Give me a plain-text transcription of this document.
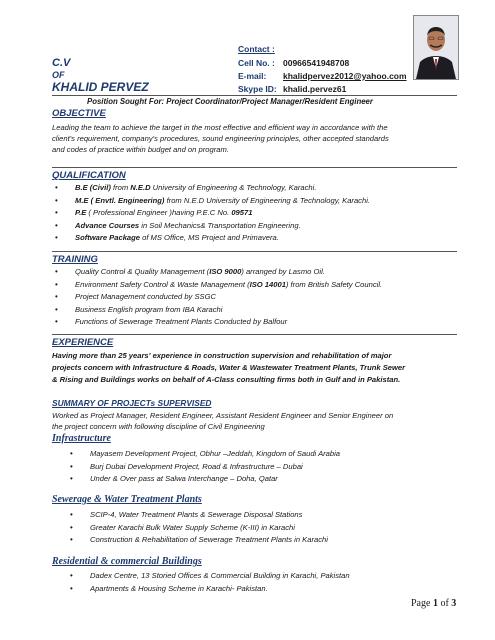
C.V
OF
KHALID PERVEZ
Contact :
Cell No. : 00966541948708
E-mail: khalidpervez2012@yahoo.com
Skype ID: khalid.pervez61
Position Sought For: Project Coordinator/Project Manager/Resident Engineer
OBJECTIVE
Leading the team to achieve the target in the most effective and efficient way in accordance with the
client's requirement, company's procedures, sound engineering principles, other accepted standards
and codes of practice within budget and on program.
QUALIFICATION
• B.E (Civil) from N.E.D University of Engineering & Technology, Karachi.
• M.E ( Envtl. Engineering) from N.E.D University of Engineering & Technology, Karachi.
• P.E ( Professional Engineer )having P.E.C No. 09571
• Advance Courses in Soil Mechanics& Transportation Engineering.
• Software Package of MS Office, MS Project and Primavera.
TRAINING
• Quality Control & Quality Management (ISO 9000) arranged by Lasmo Oil.
• Environment Safety Control & Waste Management (ISO 14001) from British Safety Council.
• Project Management conducted by SSGC
• Business English program from IBA Karachi
• Functions of Sewerage Treatment Plants Conducted by Balfour
EXPERIENCE
Having more than 25 years' experience in construction supervision and rehabilitation of major
projects concern with Infrastructure & Roads, Water & Wastewater Treatment Plants, Trunk Sewer
& Rising and Buildings works on behalf of A-Class consulting firms both in Gulf and in Pakistan.
SUMMARY OF PROJECTs SUPERVISED
Worked as Project Manager, Resident Engineer, Assistant Resident Engineer and Senior Engineer on
the project concern with following discipline of Civil Engineering
Infrastructure
• Mayasem Development Project, Obhur –Jeddah, Kingdom of Saudi Arabia
• Burj Dubai Development Project, Road & Infrastructure – Dubai
• Under & Over pass at Salwa Interchange – Doha, Qatar
Sewerage & Water Treatment Plants
• SCIP-4, Water Treatment Plants & Sewerage Disposal Stations
• Greater Karachi Bulk Water Supply Scheme (K-III) in Karachi
• Construction & Rehabilitation of Sewerage Treatment Plants in Karachi
Residential & commercial Buildings
• Dadex Centre, 13 Storied Offices & Commercial Building in Karachi, Pakistan
• Apartments & Housing Scheme in Karachi- Pakistan.
Page 1 of 3
